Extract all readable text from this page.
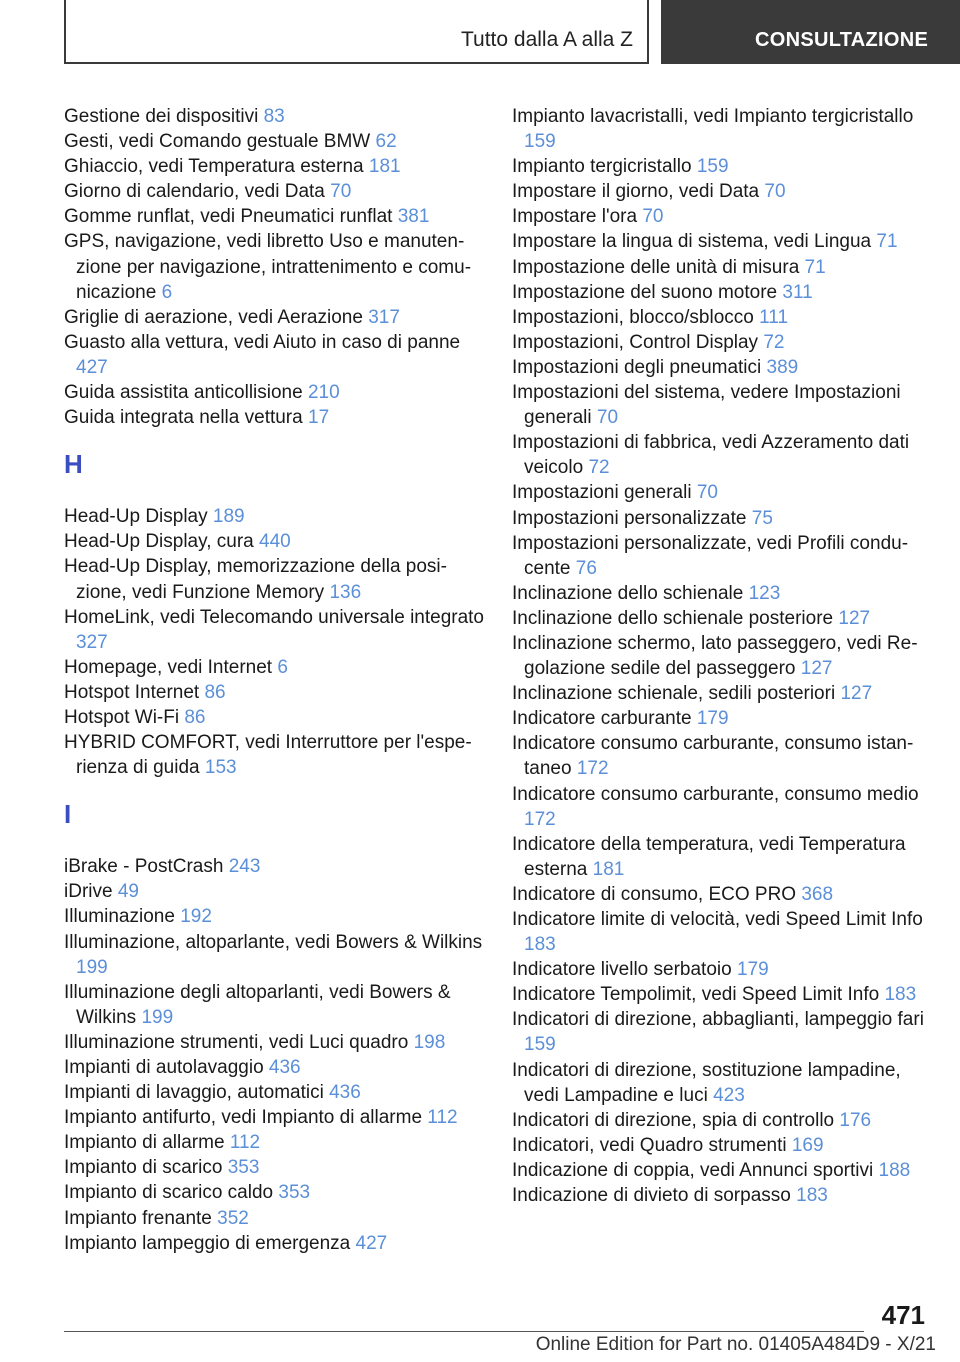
Tutto dalla A alla Z	CONSULTAZIONE
Gestione dei dispositivi 83
Gesti, vedi Comando gestuale BMW 62
Ghiaccio, vedi Temperatura esterna 181
Giorno di calendario, vedi Data 70
Gomme runflat, vedi Pneumatici runflat 381
GPS, navigazione, vedi libretto Uso e manutenzione per navigazione, intrattenimento e comunicazione 6
Griglie di aerazione, vedi Aerazione 317
Guasto alla vettura, vedi Aiuto in caso di panne 427
Guida assistita anticollisione 210
Guida integrata nella vettura 17
H
Head-Up Display 189
Head-Up Display, cura 440
Head-Up Display, memorizzazione della posizione, vedi Funzione Memory 136
HomeLink, vedi Telecomando universale integrato 327
Homepage, vedi Internet 6
Hotspot Internet 86
Hotspot Wi-Fi 86
HYBRID COMFORT, vedi Interruttore per l'esperienza di guida 153
I
iBrake - PostCrash 243
iDrive 49
Illuminazione 192
Illuminazione, altoparlante, vedi Bowers & Wilkins 199
Illuminazione degli altoparlanti, vedi Bowers & Wilkins 199
Illuminazione strumenti, vedi Luci quadro 198
Impianti di autolavaggio 436
Impianti di lavaggio, automatici 436
Impianto antifurto, vedi Impianto di allarme 112
Impianto di allarme 112
Impianto di scarico 353
Impianto di scarico caldo 353
Impianto frenante 352
Impianto lampeggio di emergenza 427
Impianto lavacristalli, vedi Impianto tergicristallo 159
Impianto tergicristallo 159
Impostare il giorno, vedi Data 70
Impostare l'ora 70
Impostare la lingua di sistema, vedi Lingua 71
Impostazione delle unità di misura 71
Impostazione del suono motore 311
Impostazioni, blocco/sblocco 111
Impostazioni, Control Display 72
Impostazioni degli pneumatici 389
Impostazioni del sistema, vedere Impostazioni generali 70
Impostazioni di fabbrica, vedi Azzeramento dati veicolo 72
Impostazioni generali 70
Impostazioni personalizzate 75
Impostazioni personalizzate, vedi Profili conducente 76
Inclinazione dello schienale 123
Inclinazione dello schienale posteriore 127
Inclinazione schermo, lato passeggero, vedi Regolazione sedile del passeggero 127
Inclinazione schienale, sedili posteriori 127
Indicatore carburante 179
Indicatore consumo carburante, consumo istantaneo 172
Indicatore consumo carburante, consumo medio 172
Indicatore della temperatura, vedi Temperatura esterna 181
Indicatore di consumo, ECO PRO 368
Indicatore limite di velocità, vedi Speed Limit Info 183
Indicatore livello serbatoio 179
Indicatore Tempolimit, vedi Speed Limit Info 183
Indicatori di direzione, abbaglianti, lampeggio fari 159
Indicatori di direzione, sostituzione lampadine, vedi Lampadine e luci 423
Indicatori di direzione, spia di controllo 176
Indicatori, vedi Quadro strumenti 169
Indicazione di coppia, vedi Annunci sportivi 188
Indicazione di divieto di sorpasso 183
471
Online Edition for Part no. 01405A484D9 - X/21
